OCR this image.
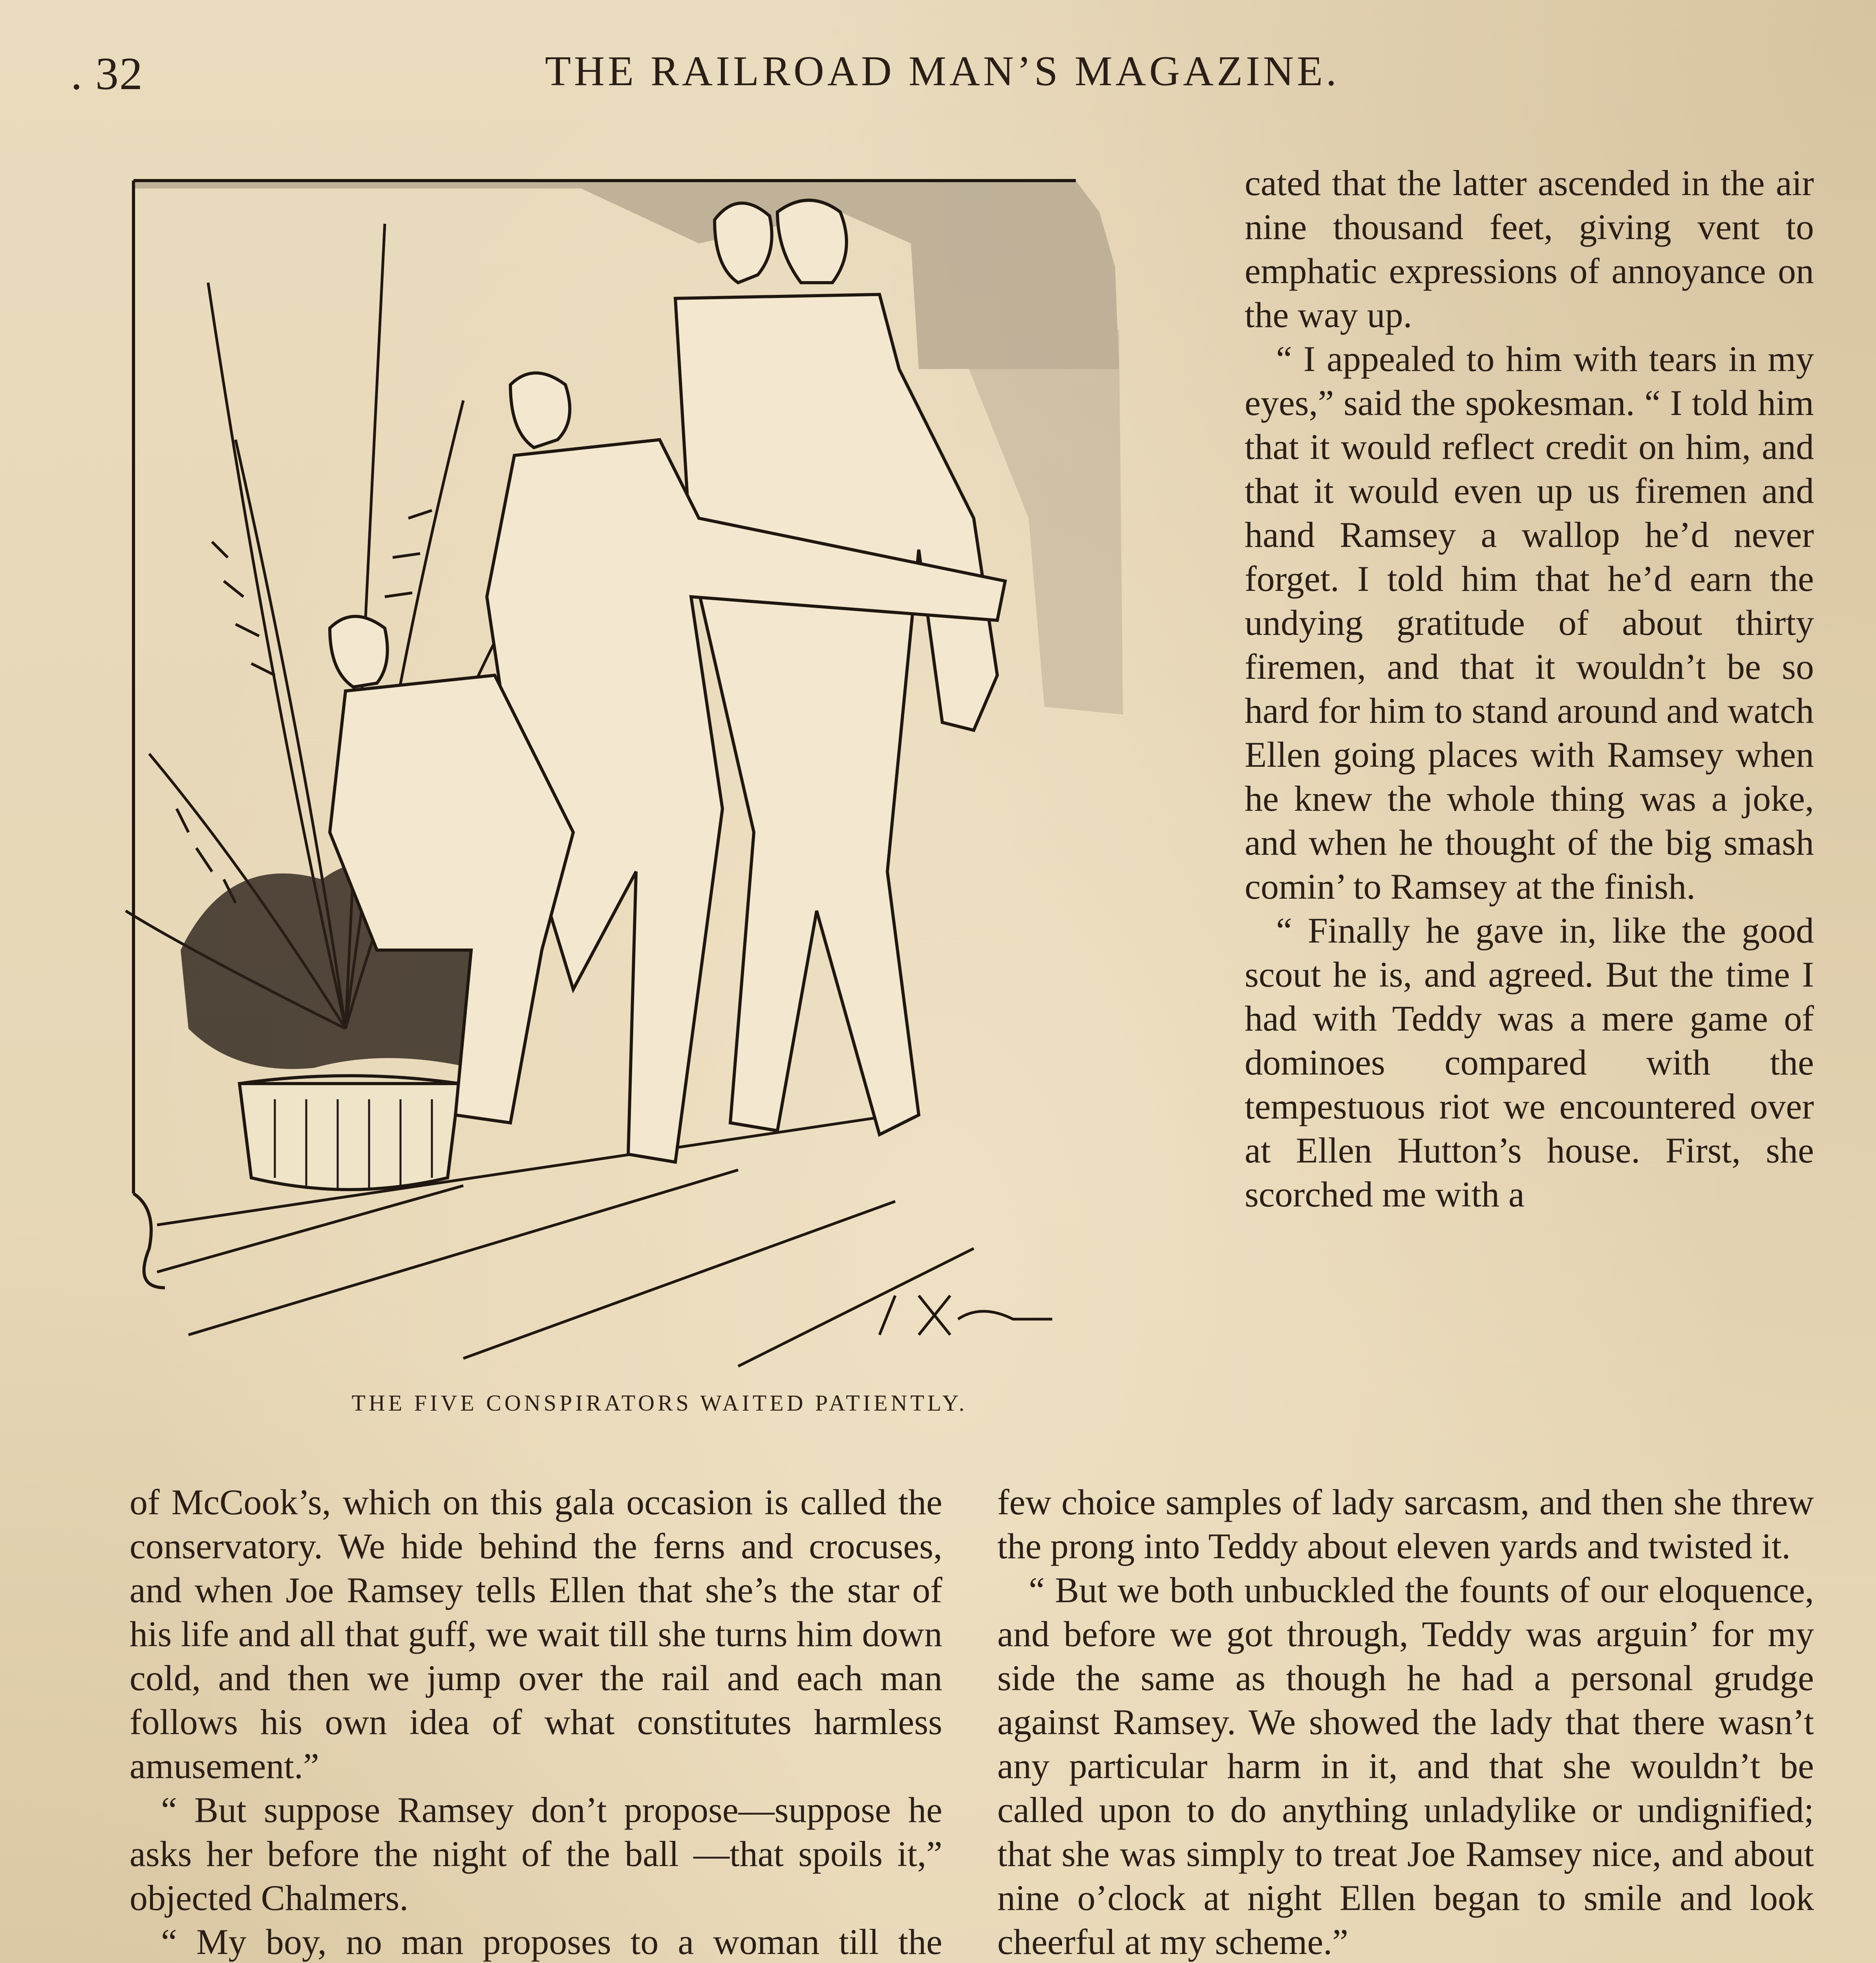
. 32	THE RAILROAD MAN’S MAGAZINE.
THE FIVE CONSPIRATORS WAITED PATIENTLY.

cated that the latter ascended in the air nine thousand feet, giving vent to emphatic expressions of annoyance on the way up.

“ I appealed to him with tears in my eyes,” said the spokesman. “ I told him that it would reflect credit on him, and that it would even up us firemen and hand Ramsey a wallop he’d never forget. I told him that he’d earn the undying gratitude of about thirty firemen, and that it wouldn’t be so hard for him to stand around and watch Ellen going places with Ramsey when he knew the whole thing was a joke, and when he thought of the big smash comin’ to Ramsey at the finish.

“ Finally he gave in, like the good scout he is, and agreed. But the time I had with Teddy was a mere game of dominoes compared with the tempestuous riot we encountered over at Ellen Hutton’s house. First, she scorched me with a

of McCook’s, which on this gala occasion is called the conservatory. We hide behind the ferns and crocuses, and when Joe Ramsey tells Ellen that she’s the star of his life and all that guff, we wait till she turns him down cold, and then we jump over the rail and each man follows his own idea of what constitutes harmless amusement.”

“ But suppose Ramsey don’t propose—suppose he asks her before the night of the ball —that spoils it,” objected Chalmers.

“ My boy, no man proposes to a woman till the

few choice samples of lady sarcasm, and then she threw the prong into Teddy about eleven yards and twisted it.

“ But we both unbuckled the founts of our eloquence, and before we got through, Teddy was arguin’ for my side the same as though he had a personal grudge against Ramsey. We showed the lady that there wasn’t any particular harm in it, and that she wouldn’t be called upon to do anything unladylike or undignified; that she was simply to treat Joe Ramsey nice, and about nine o’clock at night Ellen began to smile and look cheerful at my scheme.”
